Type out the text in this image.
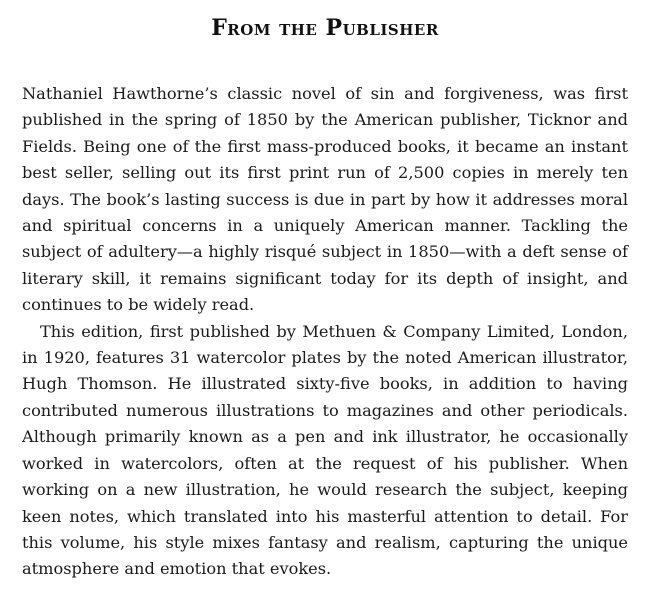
From the Publisher

Nathaniel Hawthorne’s classic novel of sin and forgiveness, was first published in the spring of 1850 by the American publisher, Ticknor and Fields. Being one of the first mass-produced books, it became an instant best seller, selling out its first print run of 2,500 copies in merely ten days. The book’s lasting success is due in part by how it addresses moral and spiritual concerns in a uniquely American manner. Tackling the subject of adultery—a highly risqué subject in 1850—with a deft sense of literary skill, it remains significant today for its depth of insight, and continues to be widely read.

This edition, first published by Methuen & Company Limited, London, in 1920, features 31 watercolor plates by the noted American illustrator, Hugh Thomson. He illustrated sixty-five books, in addition to having contributed numerous illustrations to magazines and other periodicals. Although primarily known as a pen and ink illustrator, he occasionally worked in watercolors, often at the request of his publisher. When working on a new illustration, he would research the subject, keeping keen notes, which translated into his masterful attention to detail. For this volume, his style mixes fantasy and realism, capturing the unique atmosphere and emotion that evokes.
